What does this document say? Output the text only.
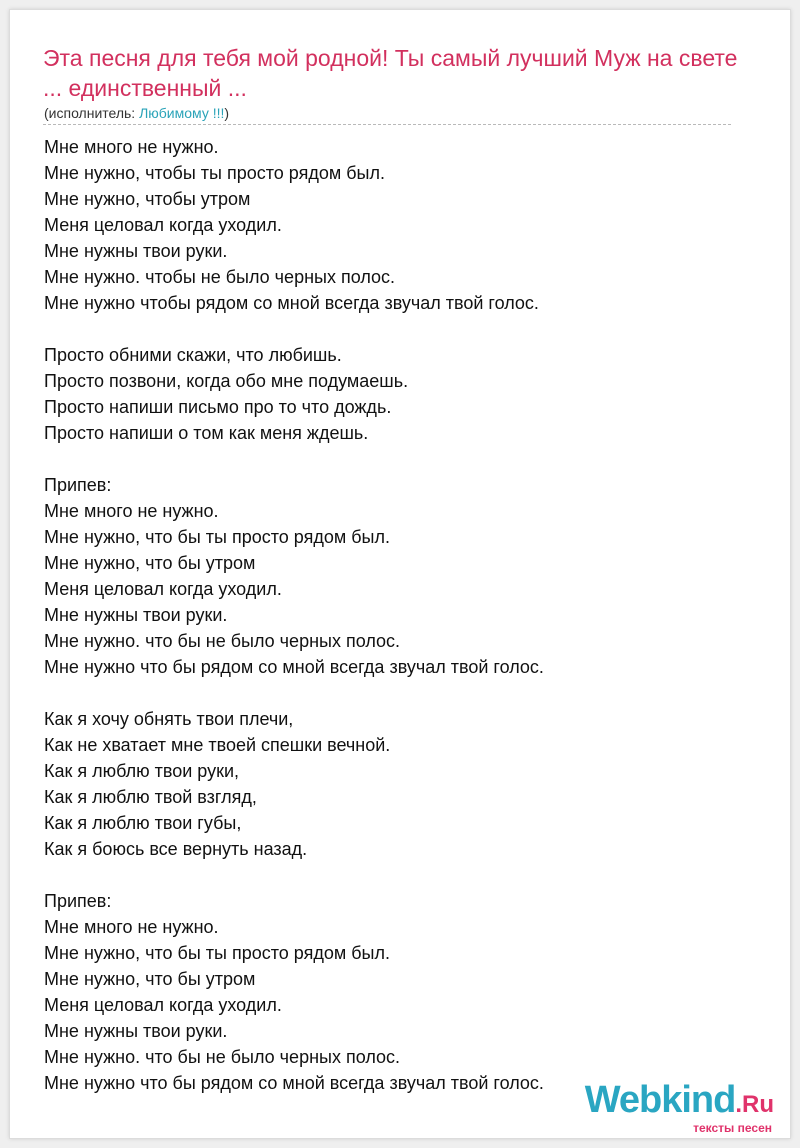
Эта песня для тебя мой родной! Ты самый лучший Муж на свете ... единственный ...
(исполнитель: Любимому !!!)
Мне много не нужно.
Мне нужно, чтобы ты просто рядом был.
Мне нужно, чтобы утром
Меня целовал когда уходил.
Мне нужны твои руки.
Мне нужно. чтобы не было черных полос.
Мне нужно чтобы рядом со мной всегда звучал твой голос.
Просто обними скажи, что любишь.
Просто позвони, когда обо мне подумаешь.
Просто напиши письмо про то что дождь.
Просто напиши о том как меня ждешь.
Припев:
Мне много не нужно.
Мне нужно, что бы ты просто рядом был.
Мне нужно, что бы утром
Меня целовал когда уходил.
Мне нужны твои руки.
Мне нужно. что бы не было черных полос.
Мне нужно что бы рядом со мной всегда звучал твой голос.
Как я хочу обнять твои плечи,
Как не хватает мне твоей спешки вечной.
Как я люблю твои руки,
Как я люблю твой взгляд,
Как я люблю твои губы,
Как я боюсь все вернуть назад.
Припев:
Мне много не нужно.
Мне нужно, что бы ты просто рядом был.
Мне нужно, что бы утром
Меня целовал когда уходил.
Мне нужны твои руки.
Мне нужно. что бы не было черных полос.
Мне нужно что бы рядом со мной всегда звучал твой голос.	Webkind.Ru
тексты песен
